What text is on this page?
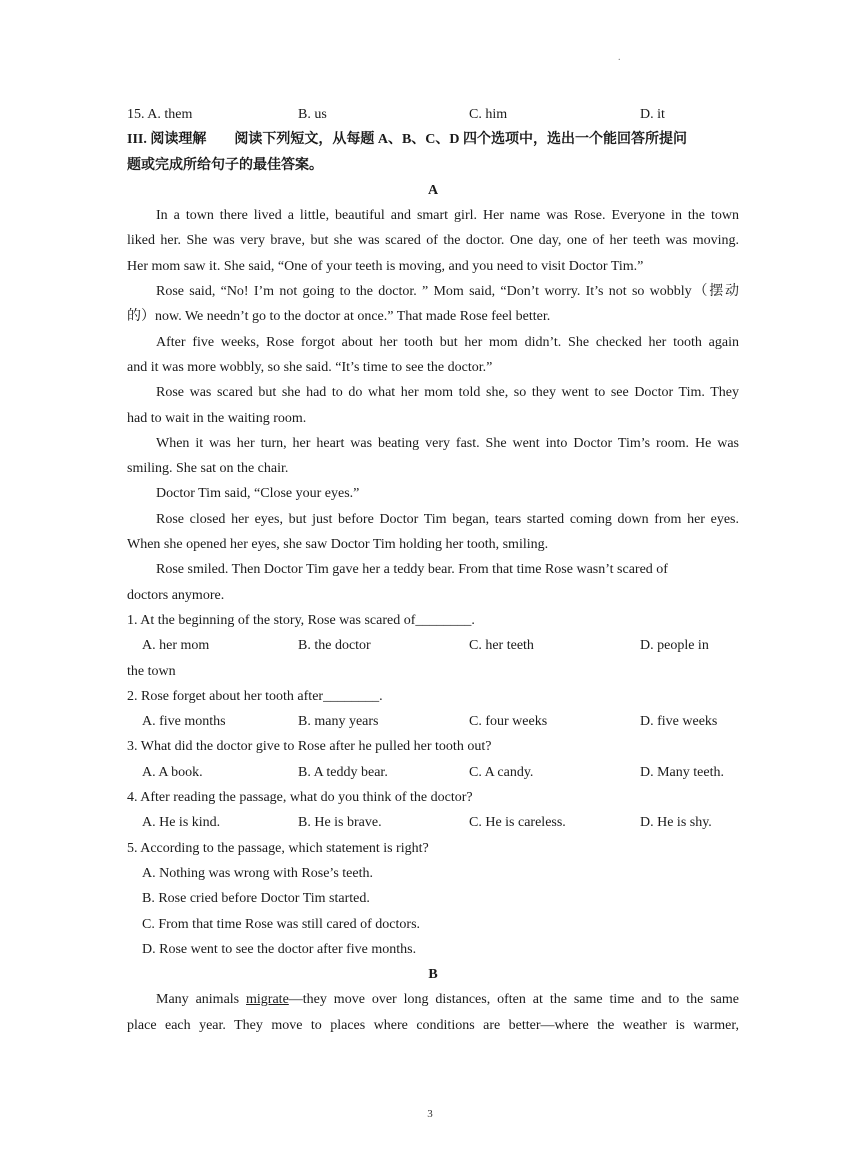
.
15. A. them	B. us	C. him	D. it
III. 阅读理解　　阅读下列短文，从每题 A、B、C、D 四个选项中，选出一个能回答所提问
题或完成所给句子的最佳答案。
A
In a town there lived a little, beautiful and smart girl. Her name was Rose. Everyone in the town
liked her. She was very brave, but she was scared of the doctor. One day, one of her teeth was moving.
Her mom saw it. She said, “One of your teeth is moving, and you need to visit Doctor Tim.”
Rose said, “No! I’m not going to the doctor. ” Mom said, “Don’t worry. It’s not so wobbly（摆动
的）now. We needn’t go to the doctor at once.” That made Rose feel better.
After five weeks, Rose forgot about her tooth but her mom didn’t. She checked her tooth again
and it was more wobbly, so she said. “It’s time to see the doctor.”
Rose was scared but she had to do what her mom told she, so they went to see Doctor Tim. They
had to wait in the waiting room.
When it was her turn, her heart was beating very fast. She went into Doctor Tim’s room. He was
smiling. She sat on the chair.
Doctor Tim said, “Close your eyes.”
Rose closed her eyes, but just before Doctor Tim began, tears started coming down from her eyes.
When she opened her eyes, she saw Doctor Tim holding her tooth, smiling.
Rose smiled. Then Doctor Tim gave her a teddy bear. From that time Rose wasn’t scared of
doctors anymore.
1. At the beginning of the story, Rose was scared of________.
A. her mom	B. the doctor	C. her teeth	D. people in
the town
2. Rose forget about her tooth after________.
A. five months	B. many years	C. four weeks	D. five weeks
3. What did the doctor give to Rose after he pulled her tooth out?
A. A book.	B. A teddy bear.	C. A candy.	D. Many teeth.
4. After reading the passage, what do you think of the doctor?
A. He is kind.	B. He is brave.	C. He is careless.	D. He is shy.
5. According to the passage, which statement is right?
A. Nothing was wrong with Rose’s teeth.
B. Rose cried before Doctor Tim started.
C. From that time Rose was still cared of doctors.
D. Rose went to see the doctor after five months.
B
Many animals migrate—they move over long distances, often at the same time and to the same
place each year. They move to places where conditions are better—where the weather is warmer,
3
